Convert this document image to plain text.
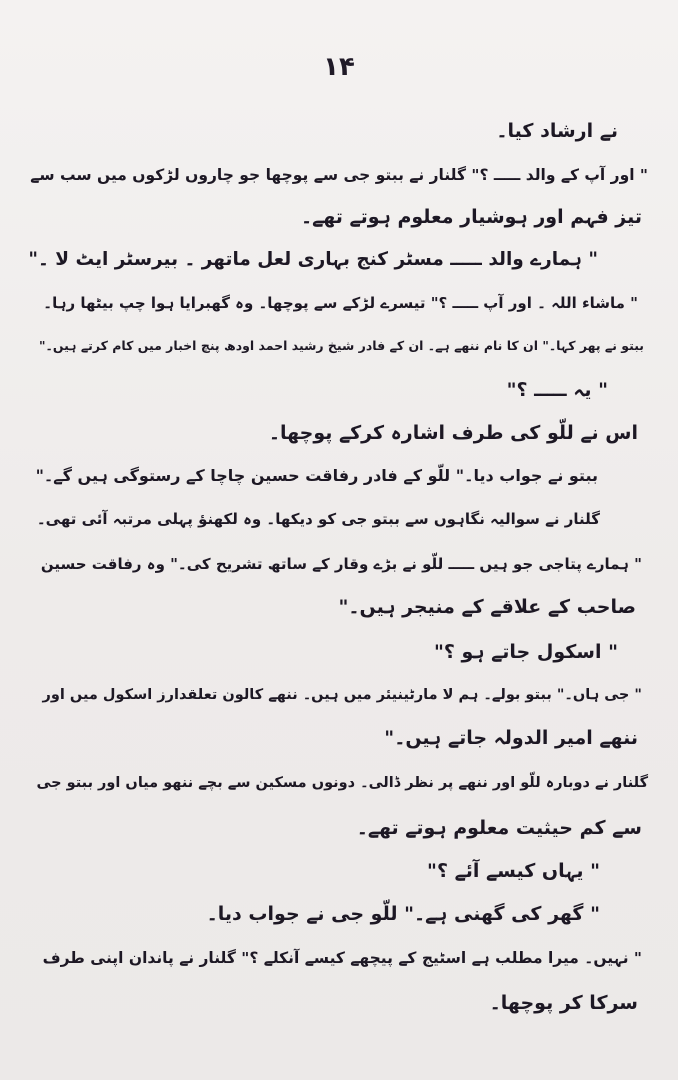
۱۴
نے ارشاد کیا۔
" اور آپ کے والد ـــــ ؟" گلنار نے ببتو جی سے پوچھا جو چاروں لڑکوں میں سب سے
تیز فہم اور ہوشیار معلوم ہوتے تھے۔
" ہمارے والد ـــــ مسٹر کنج بہاری لعل ماتھر ۔ بیرسٹر ایٹ لا ۔"
" ماشاء اللہ ۔ اور آپ ـــــ ؟" تیسرے لڑکے سے پوچھا۔ وہ گھبرایا ہوا چپ بیٹھا رہا۔
ببتو نے پھر کہا۔" ان کا نام ننھے ہے۔ ان کے فادر شیخ رشید احمد اودھ پنچ اخبار میں کام کرتے ہیں۔"
" یہ ـــــ ؟"
اس نے للّو کی طرف اشارہ کرکے پوچھا۔
ببتو نے جواب دیا۔" للّو کے فادر رفاقت حسین چاچا کے رستوگی ہیں گے۔"
گلنار نے سوالیہ نگاہوں سے ببتو جی کو دیکھا۔ وہ لکھنؤ پہلی مرتبہ آئی تھی۔
" ہمارے پتاجی جو ہیں ـــــ للّو نے بڑے وقار کے ساتھ تشریح کی۔" وہ رفاقت حسین
صاحب کے علاقے کے منیجر ہیں۔"
" اسکول جاتے ہو ؟"
" جی ہاں۔" ببتو بولے۔ ہم لا مارٹینیئر میں ہیں۔ ننھے کالون تعلقدارز اسکول میں اور
ننھے امیر الدولہ جاتے ہیں۔"
گلنار نے دوبارہ للّو اور ننھے پر نظر ڈالی۔ دونوں مسکین سے بچے ننھو میاں اور ببتو جی
سے کم حیثیت معلوم ہوتے تھے۔
" یہاں کیسے آئے ؟"
" گھر کی گھنی ہے۔" للّو جی نے جواب دیا۔
" نہیں۔ میرا مطلب ہے اسٹیج کے پیچھے کیسے آنکلے ؟" گلنار نے پاندان اپنی طرف
سرکا کر پوچھا۔
